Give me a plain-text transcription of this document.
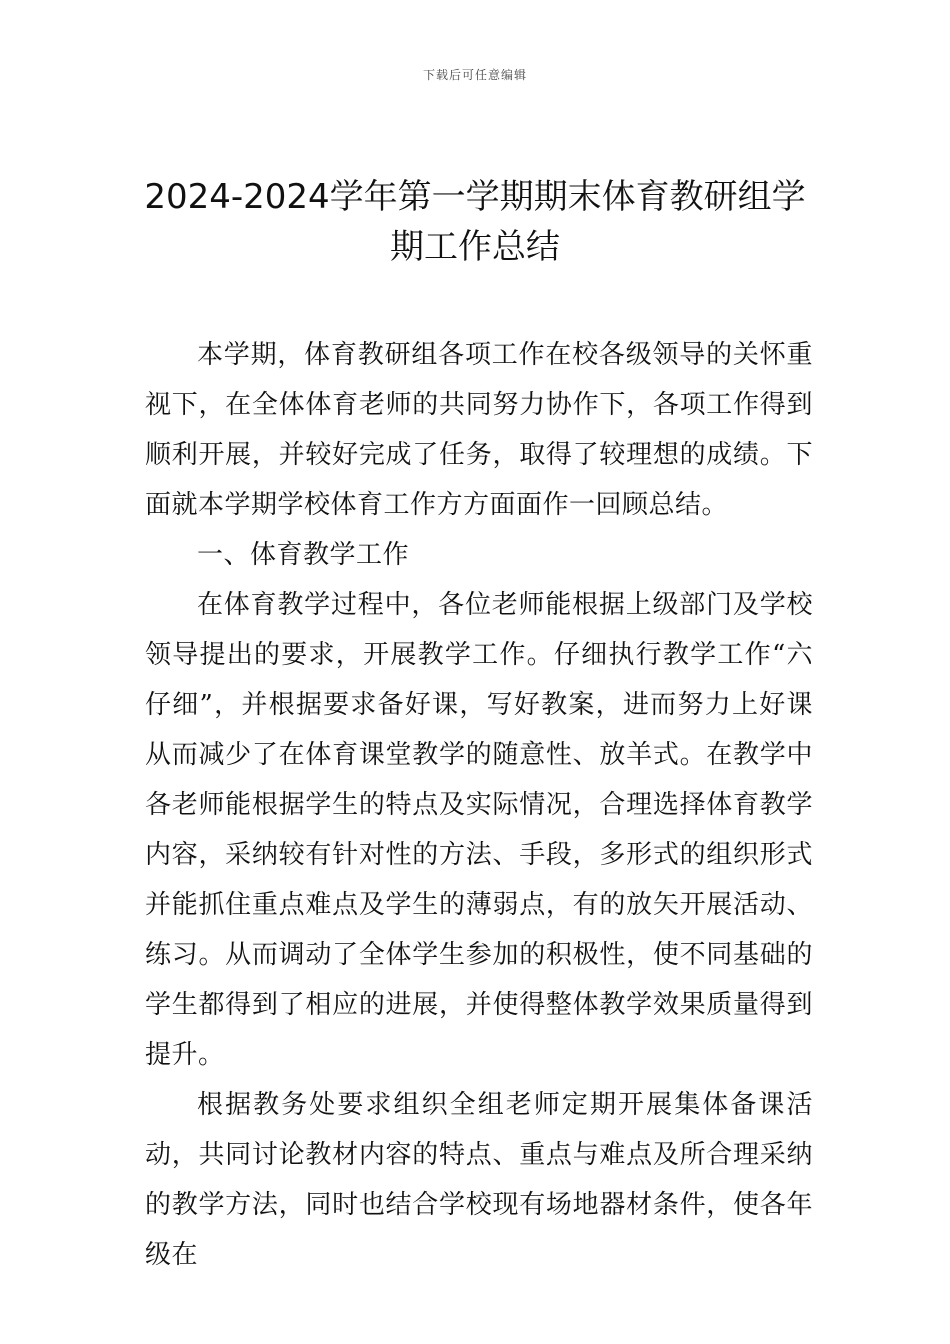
下载后可任意编辑
2024-2024学年第一学期期末体育教研组学期工作总结

本学期，体育教研组各项工作在校各级领导的关怀重视下，在全体体育老师的共同努力协作下，各项工作得到顺利开展，并较好完成了任务，取得了较理想的成绩。下面就本学期学校体育工作方方面面作一回顾总结。

一、体育教学工作

在体育教学过程中，各位老师能根据上级部门及学校领导提出的要求，开展教学工作。仔细执行教学工作“六仔细”，并根据要求备好课，写好教案，进而努力上好课从而减少了在体育课堂教学的随意性、放羊式。在教学中各老师能根据学生的特点及实际情况，合理选择体育教学内容，采纳较有针对性的方法、手段，多形式的组织形式并能抓住重点难点及学生的薄弱点，有的放矢开展活动、练习。从而调动了全体学生参加的积极性，使不同基础的学生都得到了相应的进展，并使得整体教学效果质量得到提升。

根据教务处要求组织全组老师定期开展集体备课活动，共同讨论教材内容的特点、重点与难点及所合理采纳的教学方法，同时也结合学校现有场地器材条件，使各年级在
